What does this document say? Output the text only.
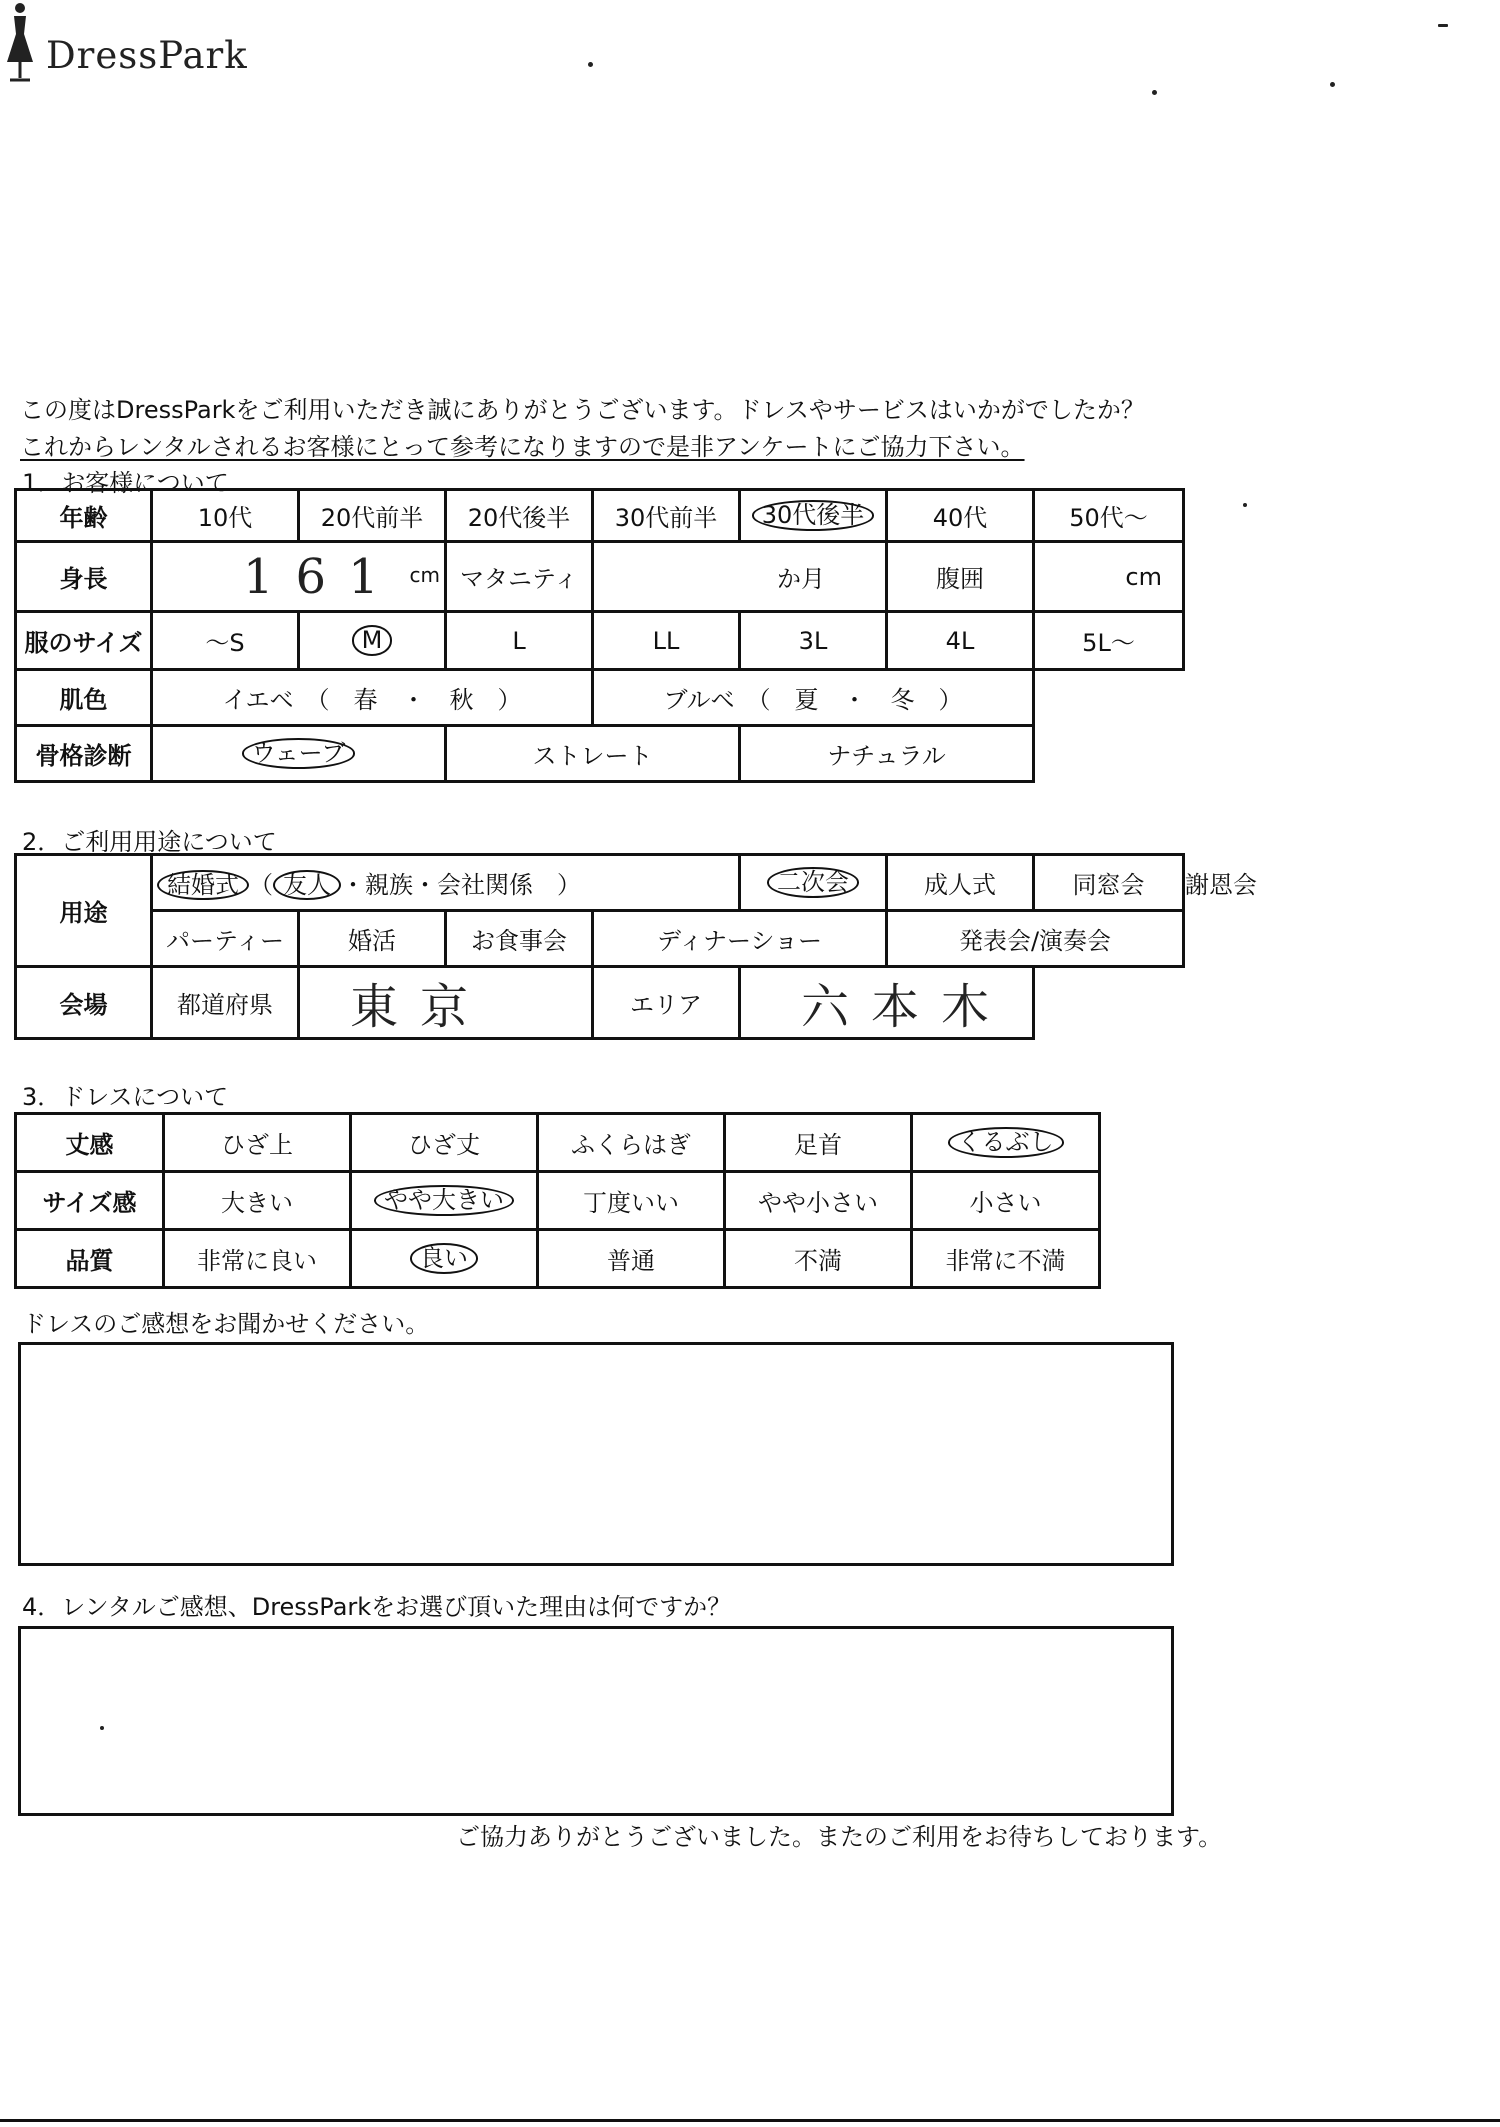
DressPark
この度はDressParkをご利用いただき誠にありがとうございます。ドレスやサービスはいかがでしたか？
これからレンタルされるお客様にとって参考になりますので是非アンケートにご協力下さい。
1．お客様について
年齢	10代	20代前半	20代後半	30代前半	30代後半	40代	50代～
身長	161 cm		マタニティ	か月		腹囲	cm
服のサイズ	～S	M	L	LL	3L	4L	5L～
肌色	イエベ　（　春　・　秋　）			ブルベ　（　夏　・　冬　）			
骨格診断	ウェーブ		ストレート		ナチュラル		
2．ご利用用途について
用途	結婚式 （ 友人 ・親族・会社関係　）				二次会	成人式	同窓会	謝恩会
	パーティー	婚活	お食事会	ディナーショー		発表会/演奏会		
会場	都道府県	東京		エリア	六本木			
3．ドレスについて
丈感	ひざ上	ひざ丈	ふくらはぎ	足首	くるぶし
サイズ感	大きい	やや大きい	丁度いい	やや小さい	小さい
品質	非常に良い	良い	普通	不満	非常に不満
ドレスのご感想をお聞かせください。
4．レンタルご感想、DressParkをお選び頂いた理由は何ですか？
ご協力ありがとうございました。またのご利用をお待ちしております。
